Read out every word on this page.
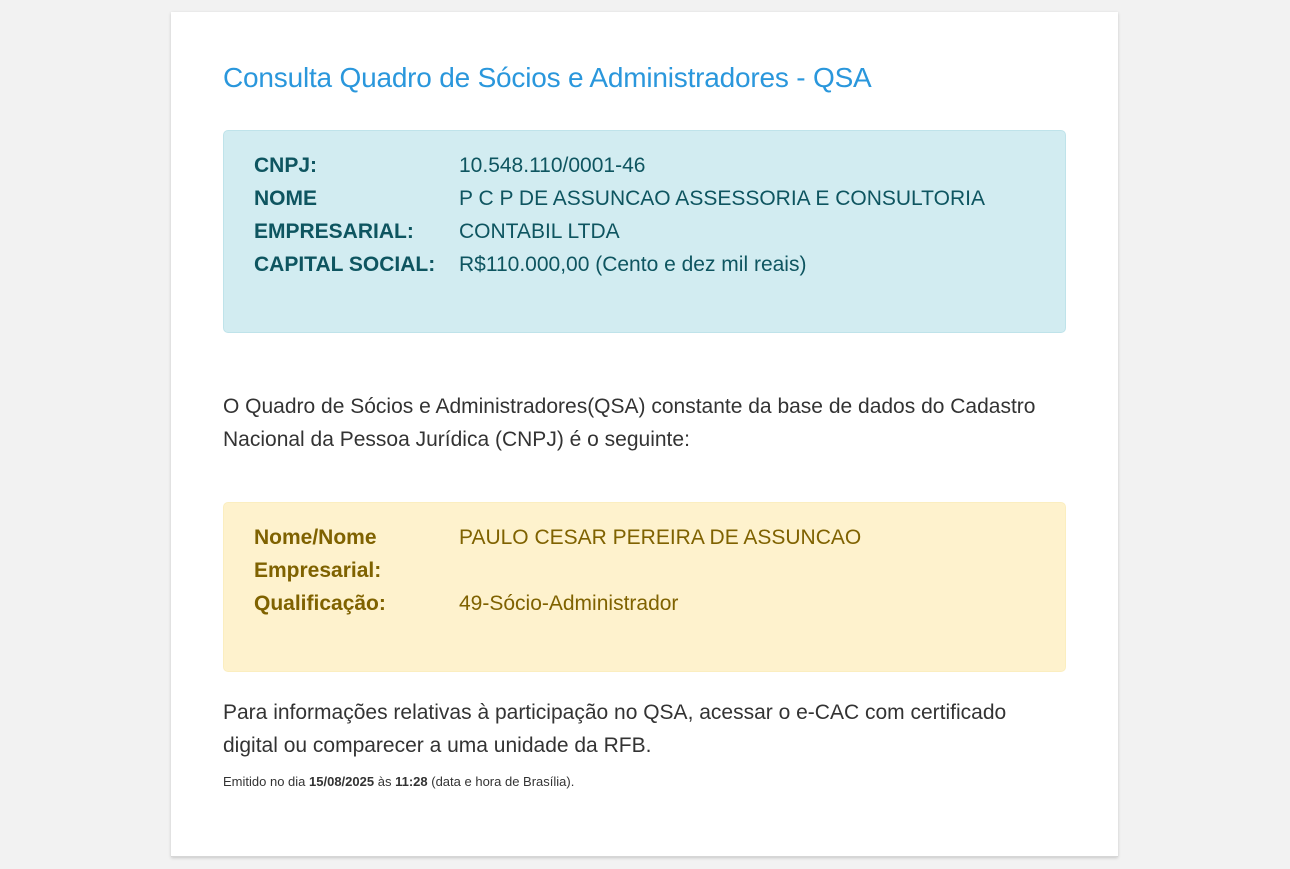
Consulta Quadro de Sócios e Administradores - QSA
CNPJ:	10.548.110/0001-46
NOME EMPRESARIAL:
P C P DE ASSUNCAO ASSESSORIA E CONSULTORIA CONTABIL LTDA
CAPITAL SOCIAL:	R$110.000,00 (Cento e dez mil reais)

O Quadro de Sócios e Administradores(QSA) constante da base de dados do Cadastro Nacional da Pessoa Jurídica (CNPJ) é o seguinte:

Nome/Nome Empresarial:
PAULO CESAR PEREIRA DE ASSUNCAO
Qualificação:	49-Sócio-Administrador

Para informações relativas à participação no QSA, acessar o e-CAC com certificado digital ou comparecer a uma unidade da RFB.

Emitido no dia 15/08/2025 às 11:28 (data e hora de Brasília).
